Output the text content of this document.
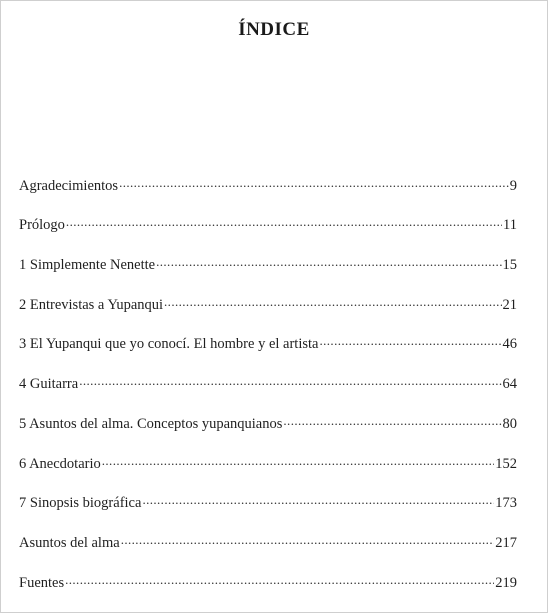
ÍNDICE
Agradecimientos .....	9
Prólogo .....	11
1 Simplemente Nenette .....	15
2 Entrevistas a Yupanqui .....	21
3 El Yupanqui que yo conocí. El hombre y el artista .....	46
4 Guitarra .....	64
5 Asuntos del alma. Conceptos yupanquianos .....	80
6 Anecdotario .....	152
7 Sinopsis biográfica .....	173
Asuntos del alma .....	217
Fuentes .....	219
